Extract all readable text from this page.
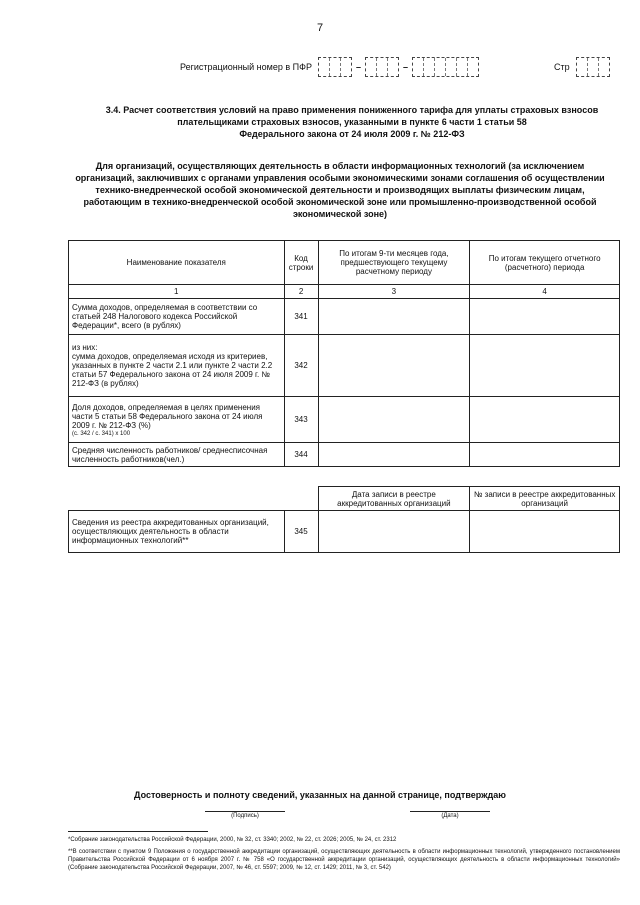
7
Регистрационный номер в ПФР	–	–	Стр
3.4. Расчет соответствия условий на право применения пониженного тарифа для уплаты страховых взносов
плательщиками страховых взносов, указанными в пункте 6 части 1 статьи 58
Федерального закона от 24 июля 2009 г. № 212-ФЗ
Для организаций, осуществляющих деятельность в области информационных технологий (за исключением
организаций, заключивших с органами управления особыми экономическими зонами соглашения об осуществлении
технико-внедренческой особой экономической деятельности и производящих выплаты физическим лицам,
работающим в технико-внедренческой особой экономической зоне или промышленно-производственной особой
экономической зоне)
Наименование показателя	Код строки	По итогам 9-ти месяцев года, предшествующего текущему расчетному периоду	По итогам текущего отчетного (расчетного) периода
1	2	3	4
Сумма доходов, определяемая в соответствии со статьей 248 Налогового кодекса Российской Федерации*, всего (в рублях)	341		
из них:
сумма доходов, определяемая исходя из критериев, указанных в пункте 2 части 2.1 или пункте 2 части 2.2 статьи 57 Федерального закона от 24 июля 2009 г. № 212-ФЗ (в рублях)	342		
Доля доходов, определяемая в целях применения части 5 статьи 58 Федерального закона от 24 июля 2009 г. № 212-ФЗ (%)
(с. 342 / с. 341) x 100	343		
Средняя численность работников/ среднесписочная численность работников(чел.)	344		
		Дата записи в реестре аккредитованных организаций	№ записи в реестре аккредитованных организаций
Сведения из реестра аккредитованных организаций, осуществляющих деятельность в области информационных технологий**	345		
Достоверность и полноту сведений, указанных на данной странице, подтверждаю
(Подпись)	(Дата)
*Собрание законодательства Российской Федерации, 2000, № 32, ст. 3340; 2002, № 22, ст. 2026; 2005, № 24, ст. 2312
**В соответствии с пунктом 9 Положения о государственной аккредитации организаций, осуществляющих деятельность в области информационных технологий, утвержденного постановлением Правительства Российской Федерации от 6 ноября 2007 г. № 758 «О государственной аккредитации организаций, осуществляющих деятельность в области информационных технологий» (Собрание законодательства Российской Федерации, 2007, № 46, ст. 5597; 2009, № 12, ст. 1429; 2011, № 3, ст. 542)
